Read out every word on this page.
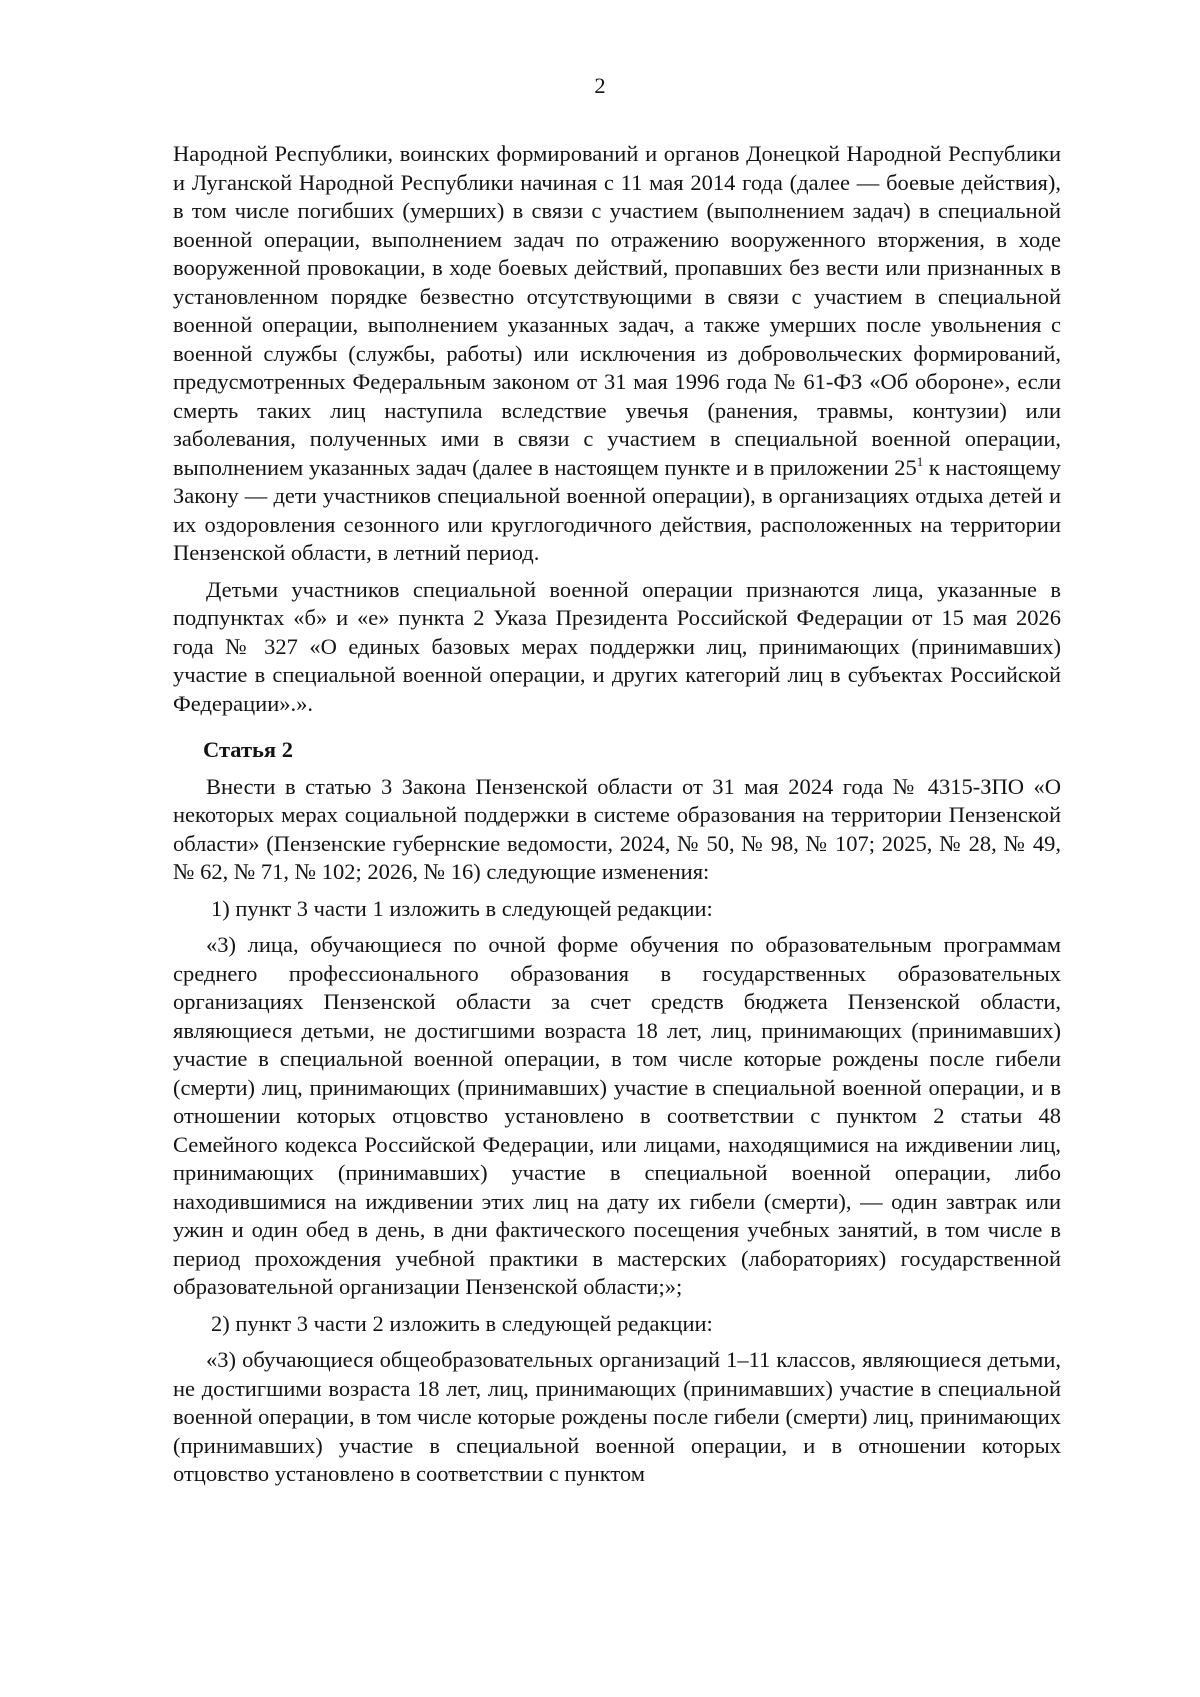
2

Народной Республики, воинских формирований и органов Донецкой Народной Республики и Луганской Народной Республики начиная с 11 мая 2014 года (далее — боевые действия), в том числе погибших (умерших) в связи с участием (выполнением задач) в специальной военной операции, выполнением задач по отражению вооруженного вторжения, в ходе вооруженной провокации, в ходе боевых действий, пропавших без вести или признанных в установленном порядке безвестно отсутствующими в связи с участием в специальной военной операции, выполнением указанных задач, а также умерших после увольнения с военной службы (службы, работы) или исключения из добровольческих формирований, предусмотренных Федеральным законом от 31 мая 1996 года № 61-ФЗ «Об обороне», если смерть таких лиц наступила вследствие увечья (ранения, травмы, контузии) или заболевания, полученных ими в связи с участием в специальной военной операции, выполнением указанных задач (далее в настоящем пункте и в приложении $25^1$ к настоящему Закону — дети участников специальной военной операции), в организациях отдыха детей и их оздоровления сезонного или круглогодичного действия, расположенных на территории Пензенской области, в летний период.

Детьми участников специальной военной операции признаются лица, указанные в подпунктах «б» и «е» пункта 2 Указа Президента Российской Федерации от 15 мая 2026 года № 327 «О единых базовых мерах поддержки лиц, принимающих (принимавших) участие в специальной военной операции, и других категорий лиц в субъектах Российской Федерации».».

Статья 2

Внести в статью 3 Закона Пензенской области от 31 мая 2024 года № 4315-ЗПО «О некоторых мерах социальной поддержки в системе образования на территории Пензенской области» (Пензенские губернские ведомости, 2024, № 50, № 98, № 107; 2025, № 28, № 49, № 62, № 71, № 102; 2026, № 16) следующие изменения:

1) пункт 3 части 1 изложить в следующей редакции:

«3) лица, обучающиеся по очной форме обучения по образовательным программам среднего профессионального образования в государственных образовательных организациях Пензенской области за счет средств бюджета Пензенской области, являющиеся детьми, не достигшими возраста 18 лет, лиц, принимающих (принимавших) участие в специальной военной операции, в том числе которые рождены после гибели (смерти) лиц, принимающих (принимавших) участие в специальной военной операции, и в отношении которых отцовство установлено в соответствии с пунктом 2 статьи 48 Семейного кодекса Российской Федерации, или лицами, находящимися на иждивении лиц, принимающих (принимавших) участие в специальной военной операции, либо находившимися на иждивении этих лиц на дату их гибели (смерти), — один завтрак или ужин и один обед в день, в дни фактического посещения учебных занятий, в том числе в период прохождения учебной практики в мастерских (лабораториях) государственной образовательной организации Пензенской области;»;

2) пункт 3 части 2 изложить в следующей редакции:

«3) обучающиеся общеобразовательных организаций 1–11 классов, являющиеся детьми, не достигшими возраста 18 лет, лиц, принимающих (принимавших) участие в специальной военной операции, в том числе которые рождены после гибели (смерти) лиц, принимающих (принимавших) участие в специальной военной операции, и в отношении которых отцовство установлено в соответствии с пунктом
